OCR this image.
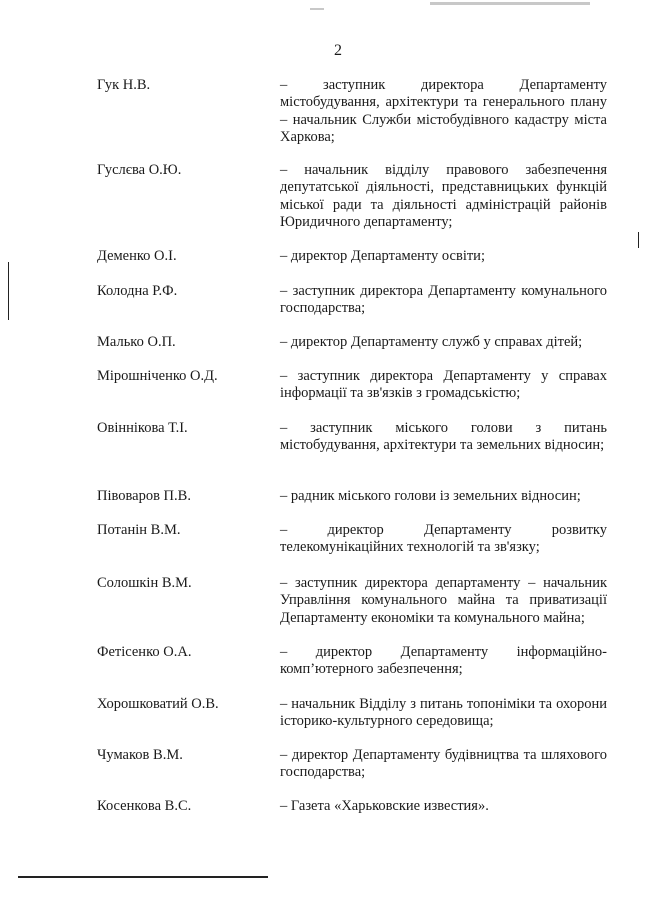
2
Гук Н.В.	– заступник директора Департаменту містобудування, архітектури та генерального плану – начальник Служби містобудівного кадастру міста Харкова;
Гуслєва О.Ю.	– начальник відділу правового забезпечення депутатської діяльності, представницьких функцій міської ради та діяльності адміністрацій районів Юридичного департаменту;
Деменко О.І.	– директор Департаменту освіти;
Колодна Р.Ф.	– заступник директора Департаменту комунального господарства;
Малько О.П.	– директор Департаменту служб у справах дітей;
Мірошніченко О.Д.	– заступник директора Департаменту у справах інформації та зв'язків з громадськістю;
Овіннікова Т.І.	– заступник міського голови з питань містобудування, архітектури та земельних відносин;
Півоваров П.В.	– радник міського голови із земельних відносин;
Потанін В.М.	– директор Департаменту розвитку телекомунікаційних технологій та зв'язку;
Солошкін В.М.	– заступник директора департаменту – начальник Управління комунального майна та приватизації Департаменту економіки та комунального майна;
Фетісенко О.А.	– директор Департаменту інформаційно-комп’ютерного забезпечення;
Хорошковатий О.В.	– начальник Відділу з питань топоніміки та охорони історико-культурного середовища;
Чумаков В.М.	– директор Департаменту будівництва та шляхового господарства;
Косенкова В.С.	– Газета «Харьковские известия».
